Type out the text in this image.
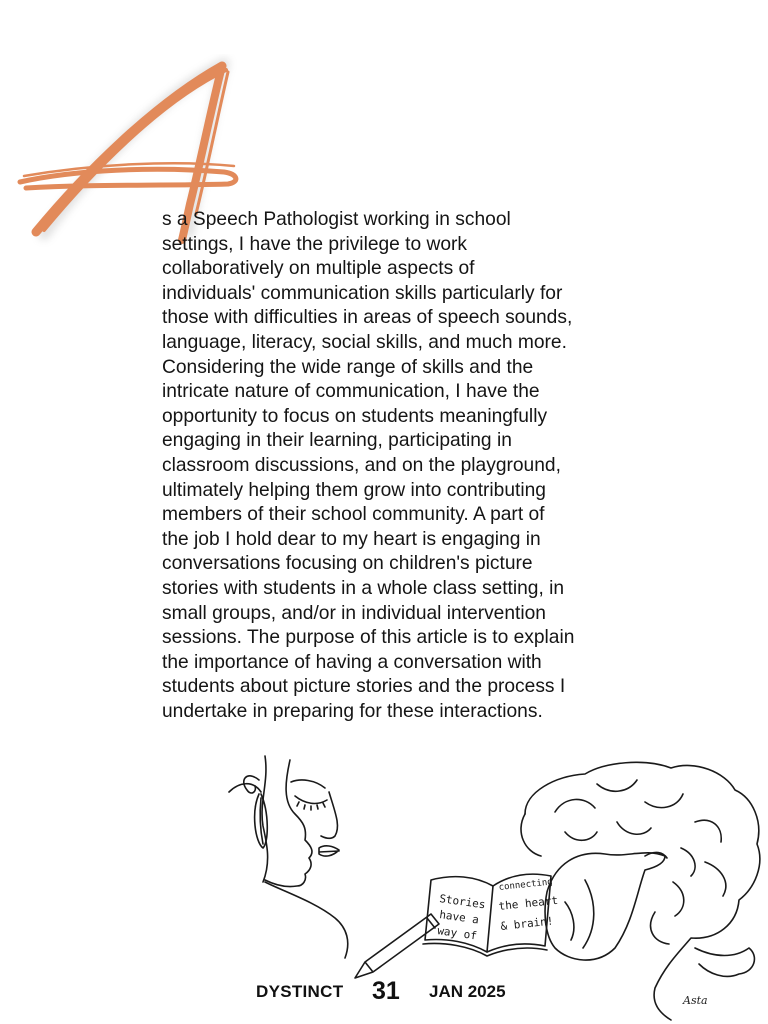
A

s a Speech Pathologist working in school
settings, I have the privilege to work
collaboratively on multiple aspects of
individuals' communication skills particularly for
those with difficulties in areas of speech sounds,
language, literacy, social skills, and much more.
Considering the wide range of skills and the
intricate nature of communication, I have the
opportunity to focus on students meaningfully
engaging in their learning, participating in
classroom discussions, and on the playground,
ultimately helping them grow into contributing
members of their school community. A part of
the job I hold dear to my heart is engaging in
conversations focusing on children's picture
stories with students in a whole class setting, in
small groups, and/or in individual intervention
sessions. The purpose of this article is to explain
the importance of having a conversation with
students about picture stories and the process I
undertake in preparing for these interactions.

Stories
have a
way of
connecting
the heart
& brain!
DYSTINCT 31 JAN 2025	Asta
